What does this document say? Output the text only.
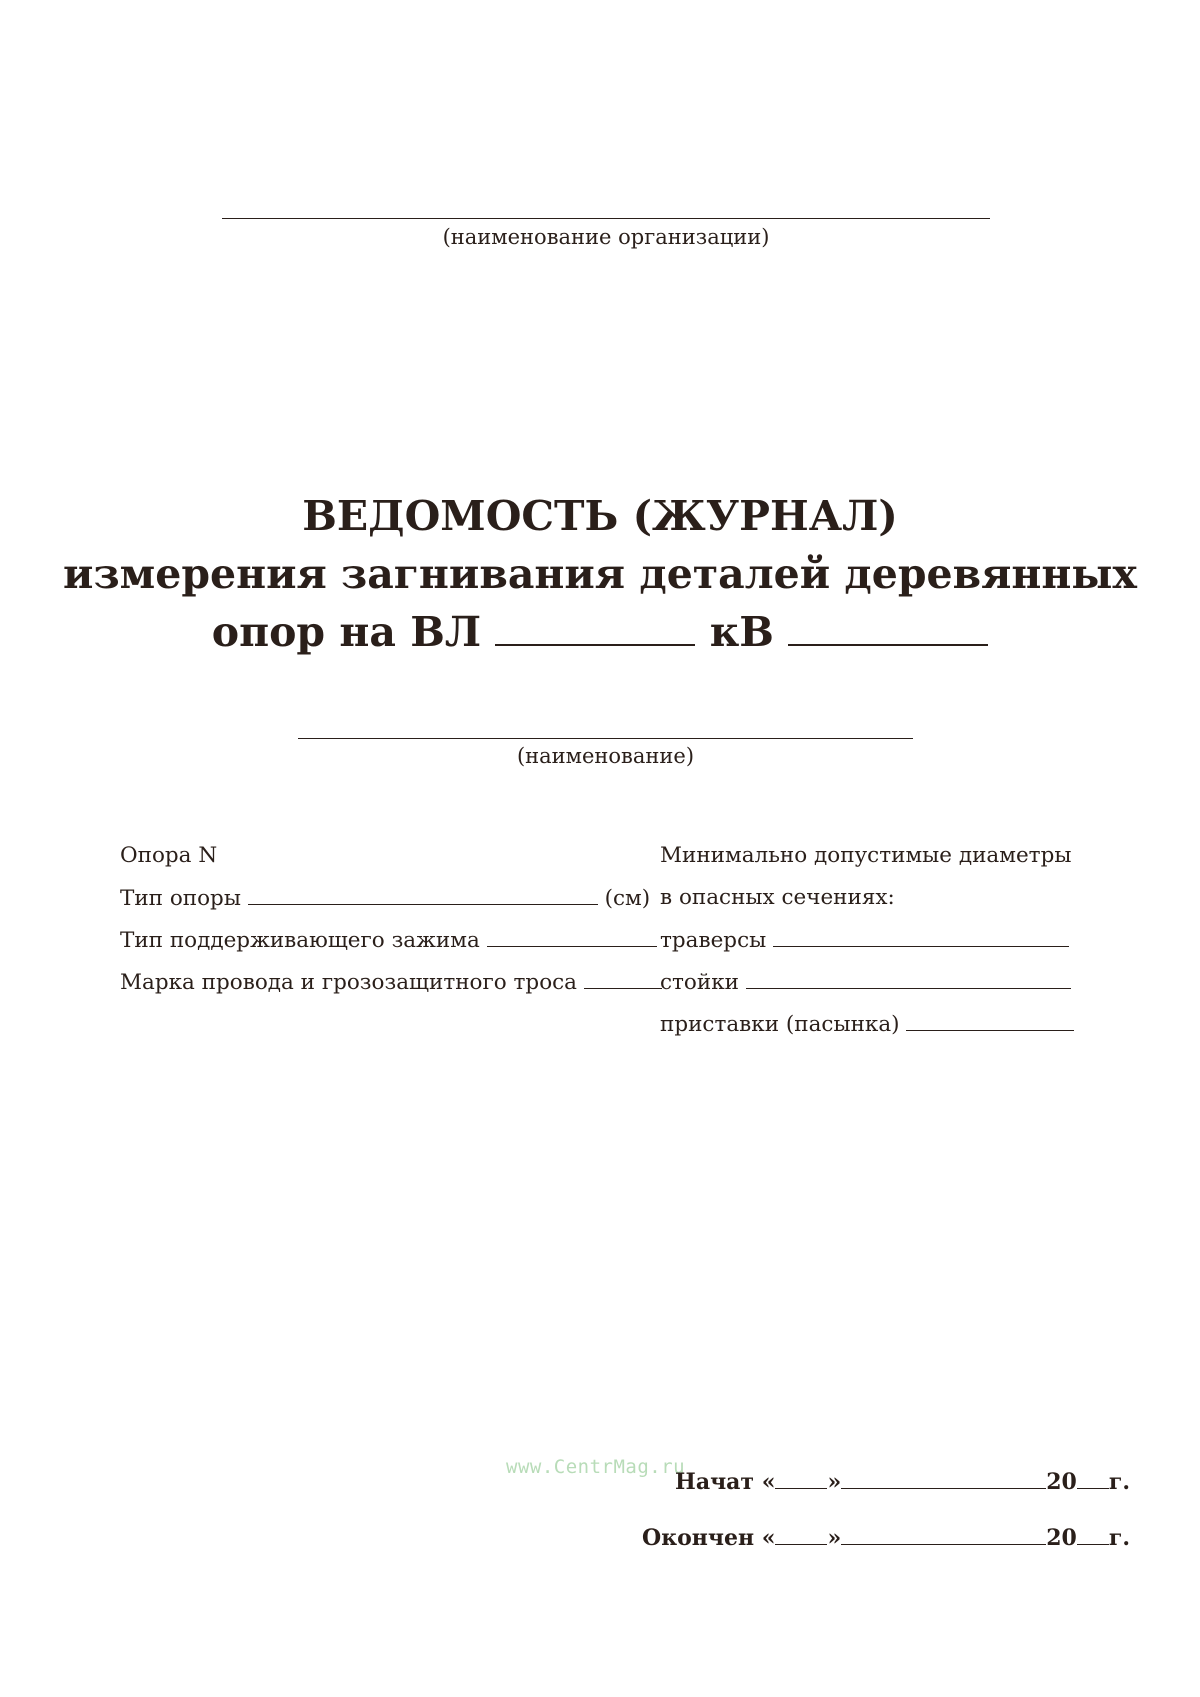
(наименование организации)
ВЕДОМОСТЬ (ЖУРНАЛ)
измерения загнивания деталей деревянных
опор на ВЛ	кВ
(наименование)
Опора N
Тип опоры	(см)
Тип поддерживающего зажима
Марка провода и грозозащитного троса
Минимально допустимые диаметры
в опасных сечениях:
траверсы
стойки
приставки (пасынка)
www.CentrMag.ru
Начат « »	20 г.
Окончен « »	20 г.
